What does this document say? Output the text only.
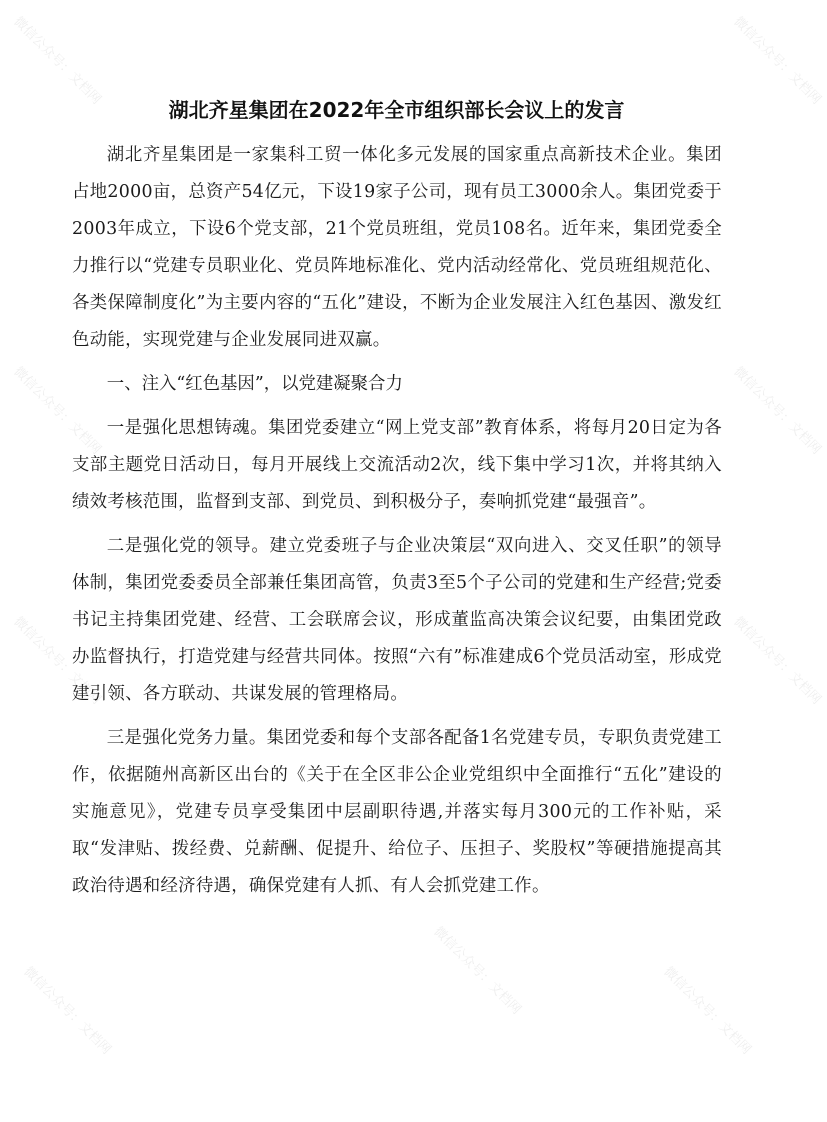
微信公众号：文档网	微信公众号：文档网
微信公众号：文档网	微信公众号：文档网
微信公众号：文档网	微信公众号：文档网
微信公众号：文档网	微信公众号：文档网	微信公众号：文档网
湖北齐星集团在2022年全市组织部长会议上的发言

湖北齐星集团是一家集科工贸一体化多元发展的国家重点高新技术企业。集团占地2000亩，总资产54亿元，下设19家子公司，现有员工3000余人。集团党委于2003年成立，下设6个党支部，21个党员班组，党员108名。近年来，集团党委全力推行以“党建专员职业化、党员阵地标准化、党内活动经常化、党员班组规范化、各类保障制度化”为主要内容的“五化”建设，不断为企业发展注入红色基因、激发红色动能，实现党建与企业发展同进双赢。

一、注入“红色基因”，以党建凝聚合力

一是强化思想铸魂。集团党委建立“网上党支部”教育体系，将每月20日定为各支部主题党日活动日，每月开展线上交流活动2次，线下集中学习1次，并将其纳入绩效考核范围，监督到支部、到党员、到积极分子，奏响抓党建“最强音”。

二是强化党的领导。建立党委班子与企业决策层“双向进入、交叉任职”的领导体制，集团党委委员全部兼任集团高管，负责3至5个子公司的党建和生产经营;党委书记主持集团党建、经营、工会联席会议，形成董监高决策会议纪要，由集团党政办监督执行，打造党建与经营共同体。按照“六有”标准建成6个党员活动室，形成党建引领、各方联动、共谋发展的管理格局。

三是强化党务力量。集团党委和每个支部各配备1名党建专员，专职负责党建工作，依据随州高新区出台的《关于在全区非公企业党组织中全面推行“五化”建设的实施意见》，党建专员享受集团中层副职待遇,并落实每月300元的工作补贴，采取“发津贴、拨经费、兑薪酬、促提升、给位子、压担子、奖股权”等硬措施提高其政治待遇和经济待遇，确保党建有人抓、有人会抓党建工作。
